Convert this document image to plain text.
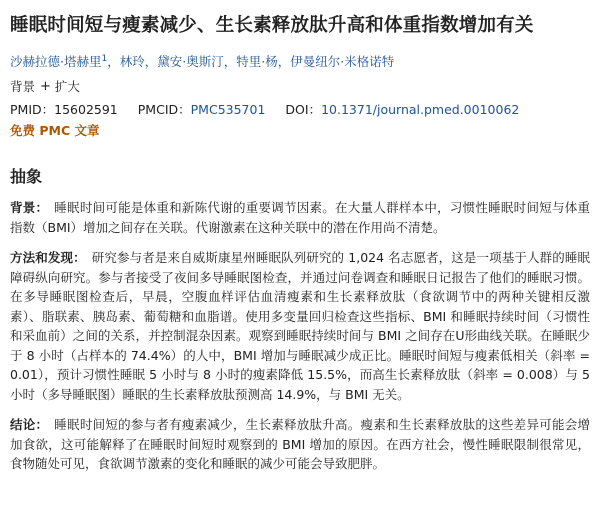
睡眠时间短与瘦素减少、生长素释放肽升高和体重指数增加有关
沙赫拉德·塔赫里$^1$，林玲，黛安·奥斯汀，特里·杨，伊曼纽尔·米格诺特
背景 + 扩大
PMID：15602591 PMCID：PMC535701 DOI：10.1371/journal.pmed.0010062
免费 PMC 文章
抽象

背景： 睡眠时间可能是体重和新陈代谢的重要调节因素。在大量人群样本中，习惯性睡眠时间短与体重指数（BMI）增加之间存在关联。代谢激素在这种关联中的潜在作用尚不清楚。

方法和发现： 研究参与者是来自威斯康星州睡眠队列研究的 1,024 名志愿者，这是一项基于人群的睡眠障碍纵向研究。参与者接受了夜间多导睡眠图检查，并通过问卷调查和睡眠日记报告了他们的睡眠习惯。在多导睡眠图检查后，早晨，空腹血样评估血清瘦素和生长素释放肽（食欲调节中的两种关键相反激素）、脂联素、胰岛素、葡萄糖和血脂谱。使用多变量回归检查这些指标、BMI 和睡眠持续时间（习惯性和采血前）之间的关系，并控制混杂因素。观察到睡眠持续时间与 BMI 之间存在U形曲线关联。在睡眠少于 8 小时（占样本的 74.4%）的人中，BMI 增加与睡眠减少成正比。睡眠时间短与瘦素低相关（斜率 = 0.01），预计习惯性睡眠 5 小时与 8 小时的瘦素降低 15.5%，而高生长素释放肽（斜率 = 0.008）与 5 小时（多导睡眠图）睡眠的生长素释放肽预测高 14.9%，与 BMI 无关。

结论： 睡眠时间短的参与者有瘦素减少，生长素释放肽升高。瘦素和生长素释放肽的这些差异可能会增加食欲，这可能解释了在睡眠时间短时观察到的 BMI 增加的原因。在西方社会，慢性睡眠限制很常见，食物随处可见，食欲调节激素的变化和睡眠的减少可能会导致肥胖。
